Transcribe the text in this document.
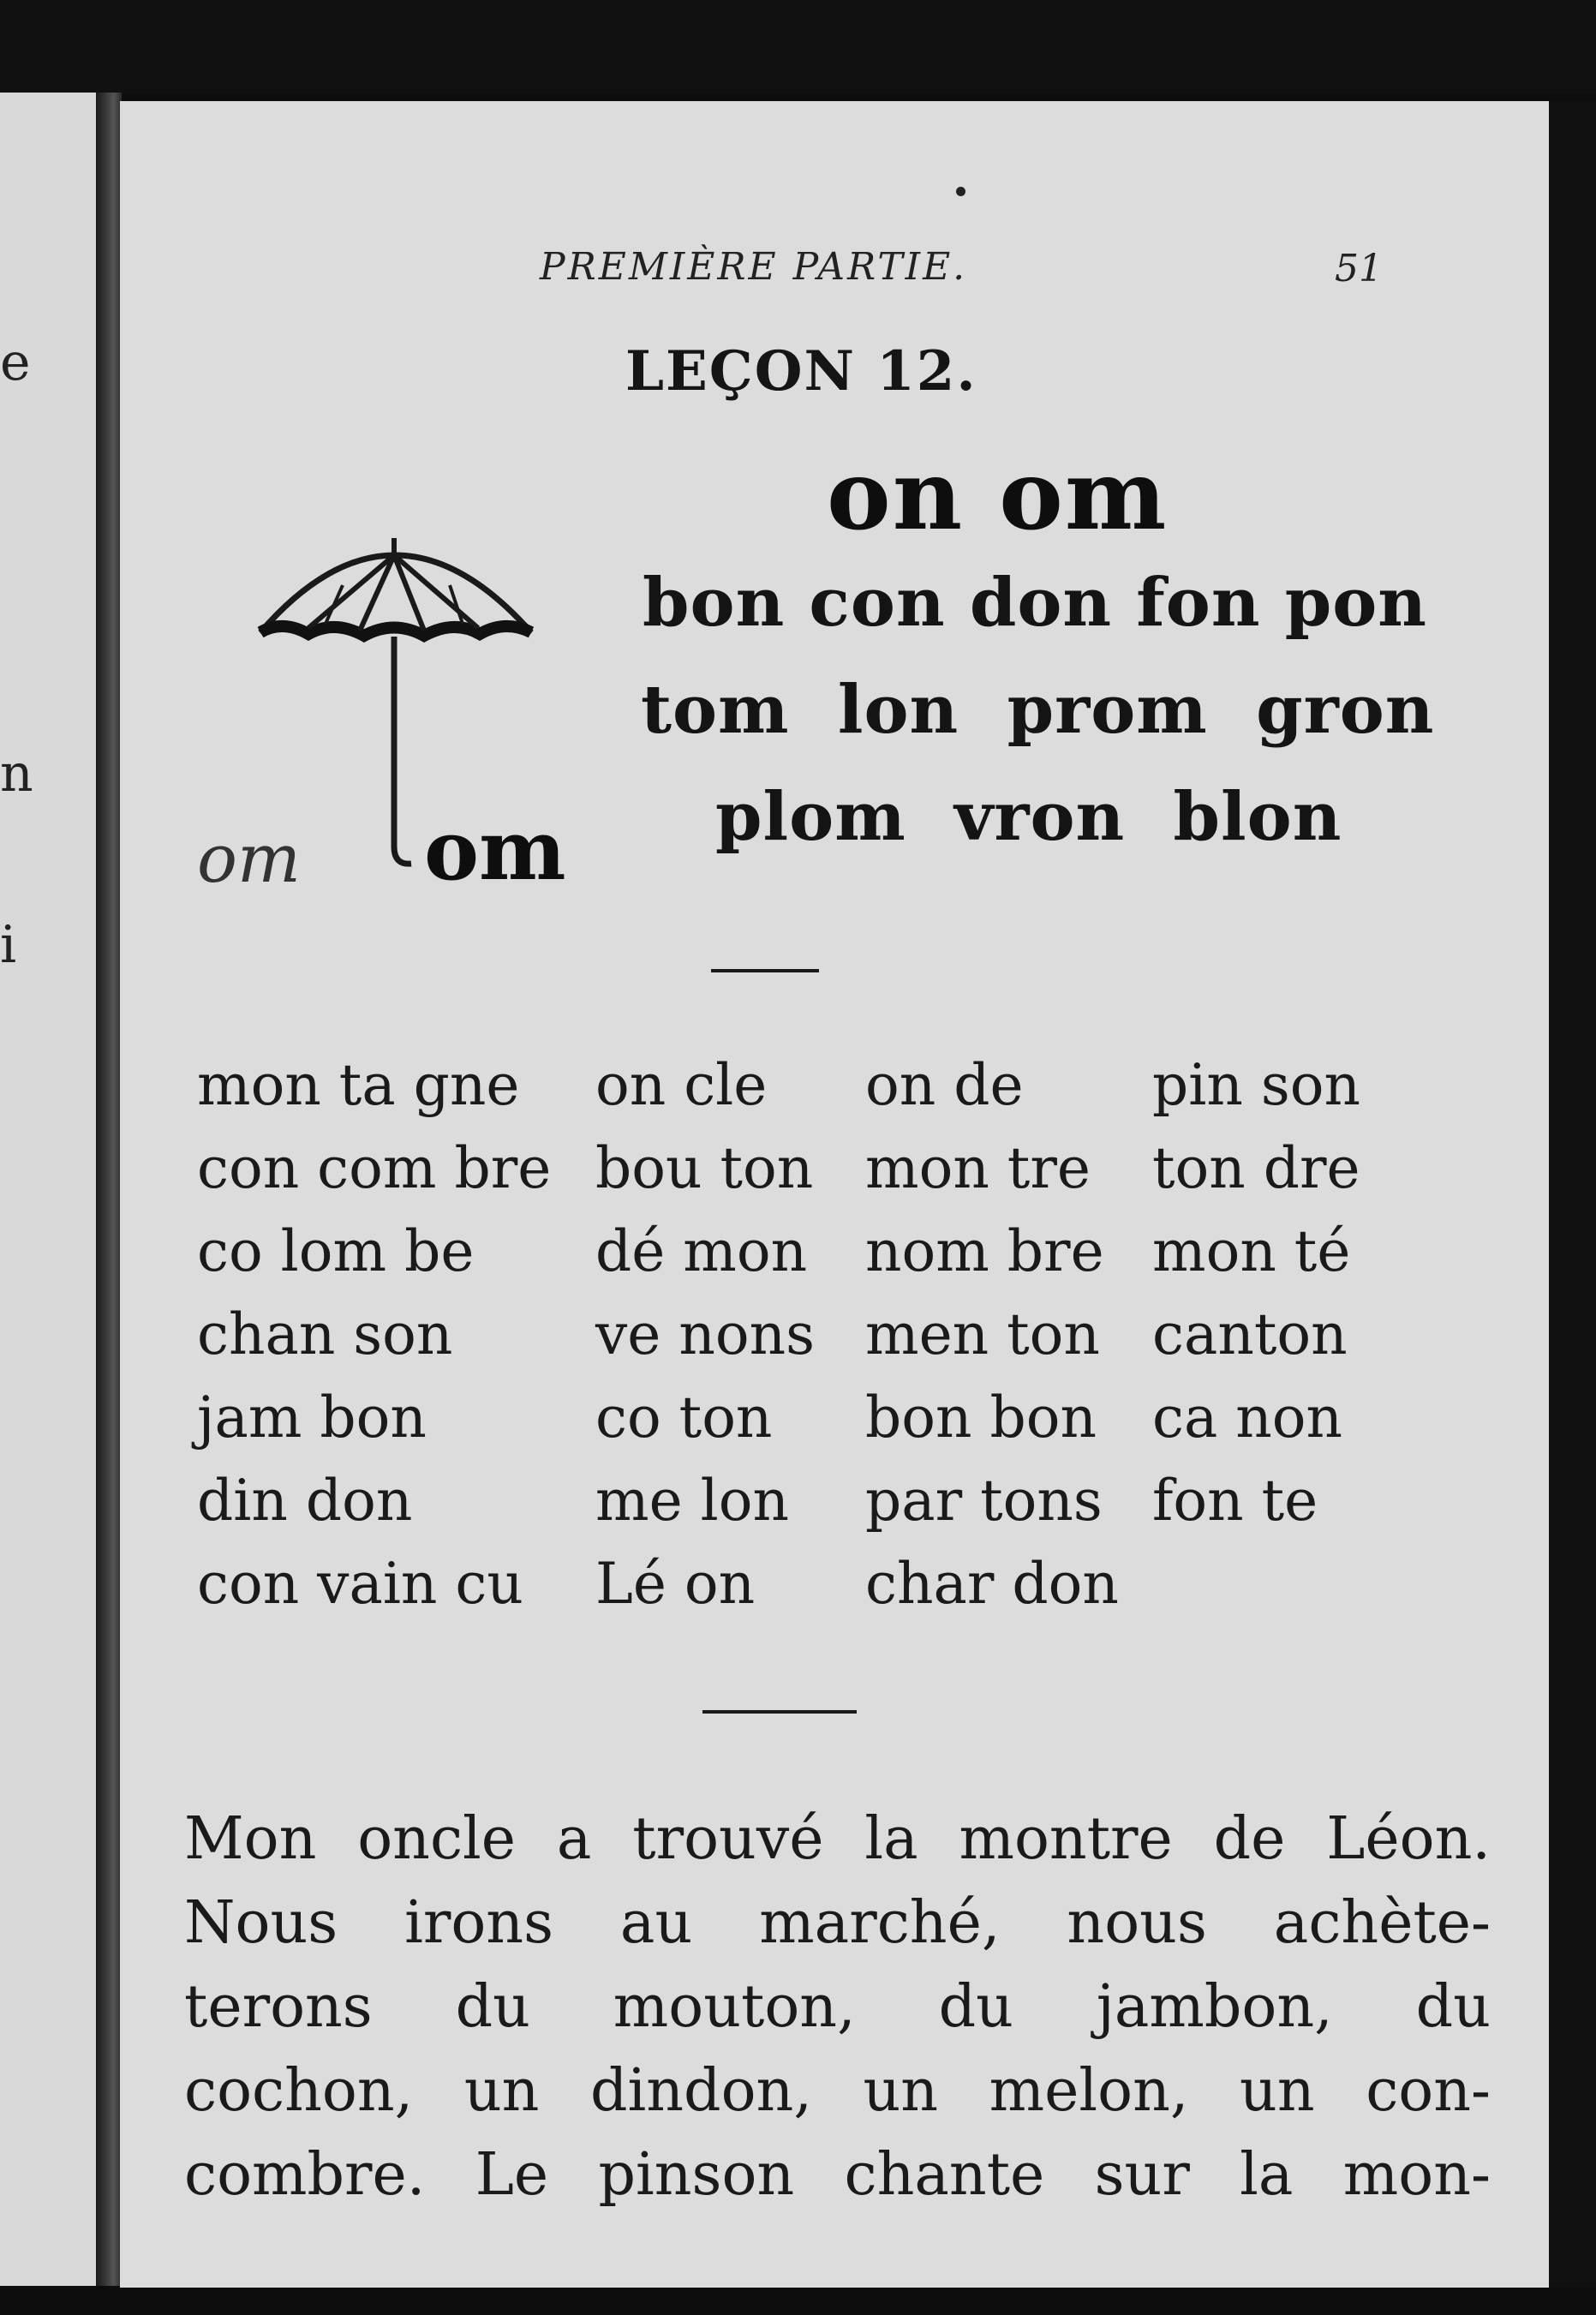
e
n
i
PREMIÈRE PARTIE.	51
LEÇON 12.
on om
bon con don fon pon
tom  lon  prom  gron
plom  vron  blon
om om
mon ta gne
con com bre
co lom be
chan son
jam bon
din don
con vain cu
on cle
bou ton
dé mon
ve nons
co ton
me lon
Lé on
on de
mon tre
nom bre
men ton
bon bon
par tons
char don
pin son
ton dre
mon té
canton
ca non
fon te
Mon oncle a trouvé la montre de Léon.
Nous irons au marché, nous achète-
terons du mouton, du jambon, du
cochon, un dindon, un melon, un con-
combre. Le pinson chante sur la mon-
